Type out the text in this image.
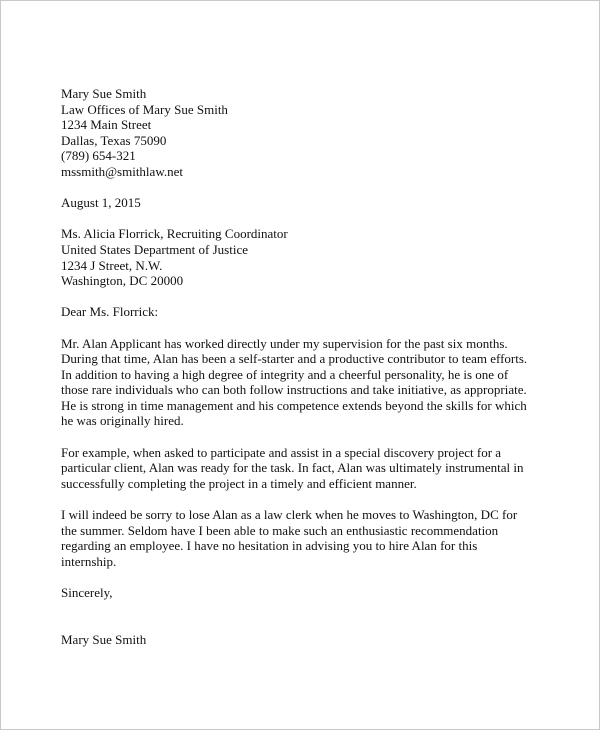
Mary Sue Smith
Law Offices of Mary Sue Smith
1234 Main Street
Dallas, Texas 75090
(789) 654-321
mssmith@smithlaw.net
August 1, 2015
Ms. Alicia Florrick, Recruiting Coordinator
United States Department of Justice
1234 J Street, N.W.
Washington, DC 20000
Dear Ms. Florrick:
Mr. Alan Applicant has worked directly under my supervision for the past six months.
During that time, Alan has been a self-starter and a productive contributor to team efforts.
In addition to having a high degree of integrity and a cheerful personality, he is one of
those rare individuals who can both follow instructions and take initiative, as appropriate.
He is strong in time management and his competence extends beyond the skills for which
he was originally hired.
For example, when asked to participate and assist in a special discovery project for a
particular client, Alan was ready for the task. In fact, Alan was ultimately instrumental in
successfully completing the project in a timely and efficient manner.
I will indeed be sorry to lose Alan as a law clerk when he moves to Washington, DC for
the summer. Seldom have I been able to make such an enthusiastic recommendation
regarding an employee. I have no hesitation in advising you to hire Alan for this
internship.
Sincerely,
Mary Sue Smith
